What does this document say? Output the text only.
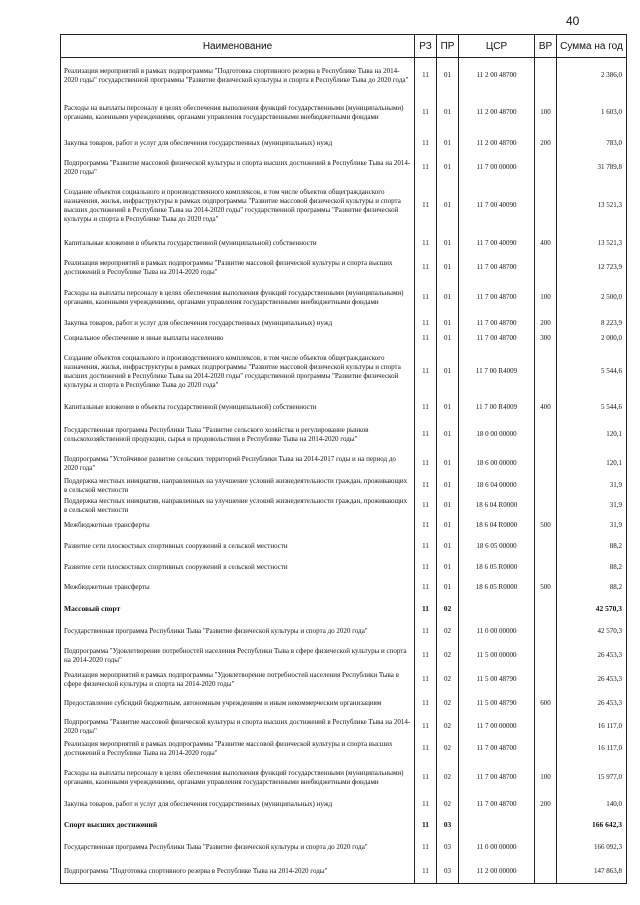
40
Наименование	РЗ	ПР	ЦСР	ВР	Сумма на год
Реализация мероприятий в рамках подпрограммы "Подготовка спортивного резерва в Республике Тыва на 2014-2020 годы" государственной программы "Развитие физической культуры и спорта в Республике Тыва до 2020 года"	11	01	11 2 00 48700		2 386,0
Расходы на выплаты персоналу в целях обеспечения выполнения функций государственными (муниципальными) органами, казенными учреждениями, органами управления государственными внебюджетными фондами	11	01	11 2 00 48700	100	1 603,0
Закупка товаров, работ и услуг для обеспечения государственных (муниципальных) нужд	11	01	11 2 00 48700	200	783,0
Подпрограмма "Развитие массовой физической культуры и спорта высших достижений в Республике Тыва на 2014-2020 годы"	11	01	11 7 00 00000		31 789,8
Создание объектов социального и производственного комплексов, в том числе объектов общегражданского назначения, жилья, инфраструктуры в рамках подпрограммы "Развитие массовой физической культуры и спорта высших достижений в Республике Тыва на 2014-2020 годы" государственной программы "Развитие физической культуры и спорта в Республике Тыва до 2020 года"	11	01	11 7 00 40090		13 521,3
Капитальные вложения в объекты государственной (муниципальной) собственности	11	01	11 7 00 40090	400	13 521,3
Реализация мероприятий в рамках подпрограммы "Развитие массовой физической культуры и спорта высших достижений в Республике Тыва на 2014-2020 годы"	11	01	11 7 00 48700		12 723,9
Расходы на выплаты персоналу в целях обеспечения выполнения функций государственными (муниципальными) органами, казенными учреждениями, органами управления государственными внебюджетными фондами	11	01	11 7 00 48700	100	2 500,0
Закупка товаров, работ и услуг для обеспечения государственных (муниципальных) нужд	11	01	11 7 00 48700	200	8 223,9
Социальное обеспечение и иные выплаты населению	11	01	11 7 00 48700	300	2 000,0
Создание объектов социального и производственного комплексов, в том числе объектов общегражданского назначения, жилья, инфраструктуры в рамках подпрограммы "Развитие массовой физической культуры и спорта высших достижений в Республике Тыва на 2014-2020 годы" государственной программы "Развитие физической культуры и спорта в Республике Тыва до 2020 года"	11	01	11 7 00 R4009		5 544,6
Капитальные вложения в объекты государственной (муниципальной) собственности	11	01	11 7 00 R4009	400	5 544,6
Государственная программа Республики Тыва "Развитие сельского хозяйства и регулирование рынков сельскохозяйственной продукции, сырья и продовольствия в Республике Тыва на 2014-2020 годы"	11	01	18 0 00 00000		120,1
Подпрограмма "Устойчивое развитие сельских территорий Республики Тыва на 2014-2017 годы и на период до 2020 года"	11	01	18 6 00 00000		120,1
Поддержка местных инициатив, направленных на улучшение условий жизнедеятельности граждан, проживающих в сельской местности	11	01	18 6 04 00000		31,9
Поддержка местных инициатив, направленных на улучшение условий жизнедеятельности граждан, проживающих в сельской местности	11	01	18 6 04 R0000		31,9
Межбюджетные трансферты	11	01	18 6 04 R0000	500	31,9
Развитие сети плоскостных спортивных сооружений в сельской местности	11	01	18 6 05 00000		88,2
Развитие сети плоскостных спортивных сооружений в сельской местности	11	01	18 6 05 R0000		88,2
Межбюджетные трансферты	11	01	18 6 05 R0000	500	88,2
Массовый спорт	11	02			42 570,3
Государственная программа Республики Тыва "Развитие физической культуры и спорта до 2020 года"	11	02	11 0 00 00000		42 570,3
Подпрограмма "Удовлетворение потребностей населения Республики Тыва в сфере физической культуры и спорта на 2014-2020 годы"	11	02	11 5 00 00000		26 453,3
Реализация мероприятий в рамках подпрограммы "Удовлетворение потребностей населения Республики Тыва в сфере физической культуры и спорта на 2014-2020 годы"	11	02	11 5 00 48790		26 453,3
Предоставление субсидий бюджетным, автономным учреждениям и иным некоммерческим организациям	11	02	11 5 00 48790	600	26 453,3
Подпрограмма "Развитие массовой физической культуры и спорта высших достижений в Республике Тыва на 2014-2020 годы"	11	02	11 7 00 00000		16 117,0
Реализация мероприятий в рамках подпрограммы "Развитие массовой физической культуры и спорта высших достижений в Республике Тыва на 2014-2020 годы"	11	02	11 7 00 48700		16 117,0
Расходы на выплаты персоналу в целях обеспечения выполнения функций государственными (муниципальными) органами, казенными учреждениями, органами управления государственными внебюджетными фондами	11	02	11 7 00 48700	100	15 977,0
Закупка товаров, работ и услуг для обеспечения государственных (муниципальных) нужд	11	02	11 7 00 48700	200	140,0
Спорт высших достижений	11	03			166 642,3
Государственная программа Республики Тыва "Развитие физической культуры и спорта до 2020 года"	11	03	11 0 00 00000		166 092,3
Подпрограмма "Подготовка спортивного резерва в Республике Тыва на 2014-2020 годы"	11	03	11 2 00 00000		147 863,8
